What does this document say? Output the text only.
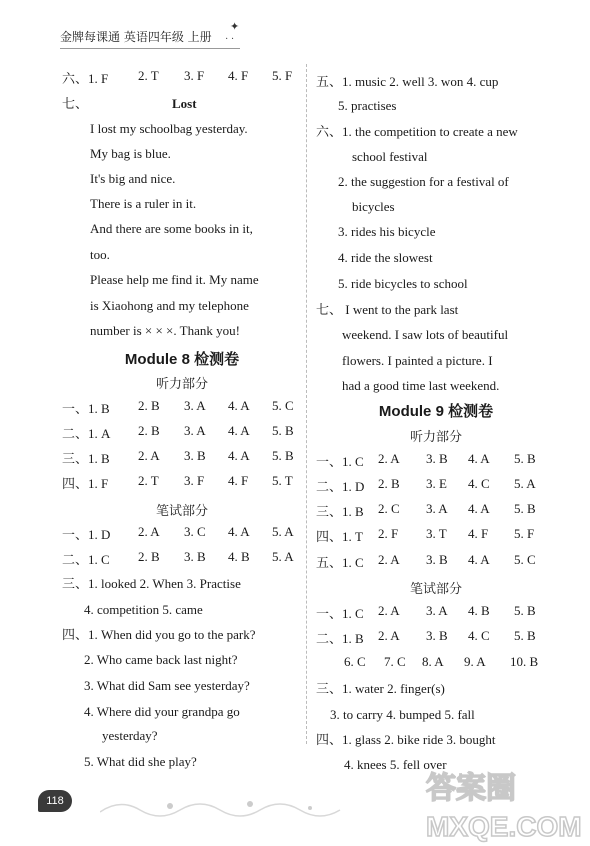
金牌每课通 英语四年级 上册
✦
· ·
六、1. F 2. T 3. F 4. F 5. F
七、	Lost
I lost my schoolbag yesterday.
My bag is blue.
It's big and nice.
There is a ruler in it.
And there are some books in it,
too.
Please help me find it. My name
is Xiaohong and my telephone
number is × × ×. Thank you!
Module 8 检测卷
听力部分
一、1. B 2. B 3. A 4. A 5. C
二、1. A 2. B 3. A 4. A 5. B
三、1. B 2. A 3. B 4. A 5. B
四、1. F 2. T 3. F 4. F 5. T
笔试部分
一、1. D 2. A 3. C 4. A 5. A
二、1. C 2. B 3. B 4. B 5. A
三、1. looked 2. When 3. Practise
4. competition 5. came
四、1. When did you go to the park?
2. Who came back last night?
3. What did Sam see yesterday?
4. Where did your grandpa go
yesterday?
5. What did she play?
五、1. music 2. well 3. won 4. cup
5. practises
六、1. the competition to create a new
school festival
2. the suggestion for a festival of
bicycles
3. rides his bicycle
4. ride the slowest
5. ride bicycles to school
七、 I went to the park last
weekend. I saw lots of beautiful
flowers. I painted a picture. I
had a good time last weekend.
Module 9 检测卷
听力部分
一、1. C 2. A 3. B 4. A 5. B
二、1. D 2. B 3. E 4. C 5. A
三、1. B 2. C 3. A 4. A 5. B
四、1. T 2. F 3. T 4. F 5. F
五、1. C 2. A 3. B 4. A 5. C
笔试部分
一、1. C 2. A 3. A 4. B 5. B
二、1. B 2. A 3. B 4. C 5. B
6. C 7. C 8. A 9. A 10. B
三、1. water 2. finger(s)
3. to carry 4. bumped 5. fall
四、1. glass 2. bike ride 3. bought
4. knees 5. fell over
118	答案圈
MXQE.COM
